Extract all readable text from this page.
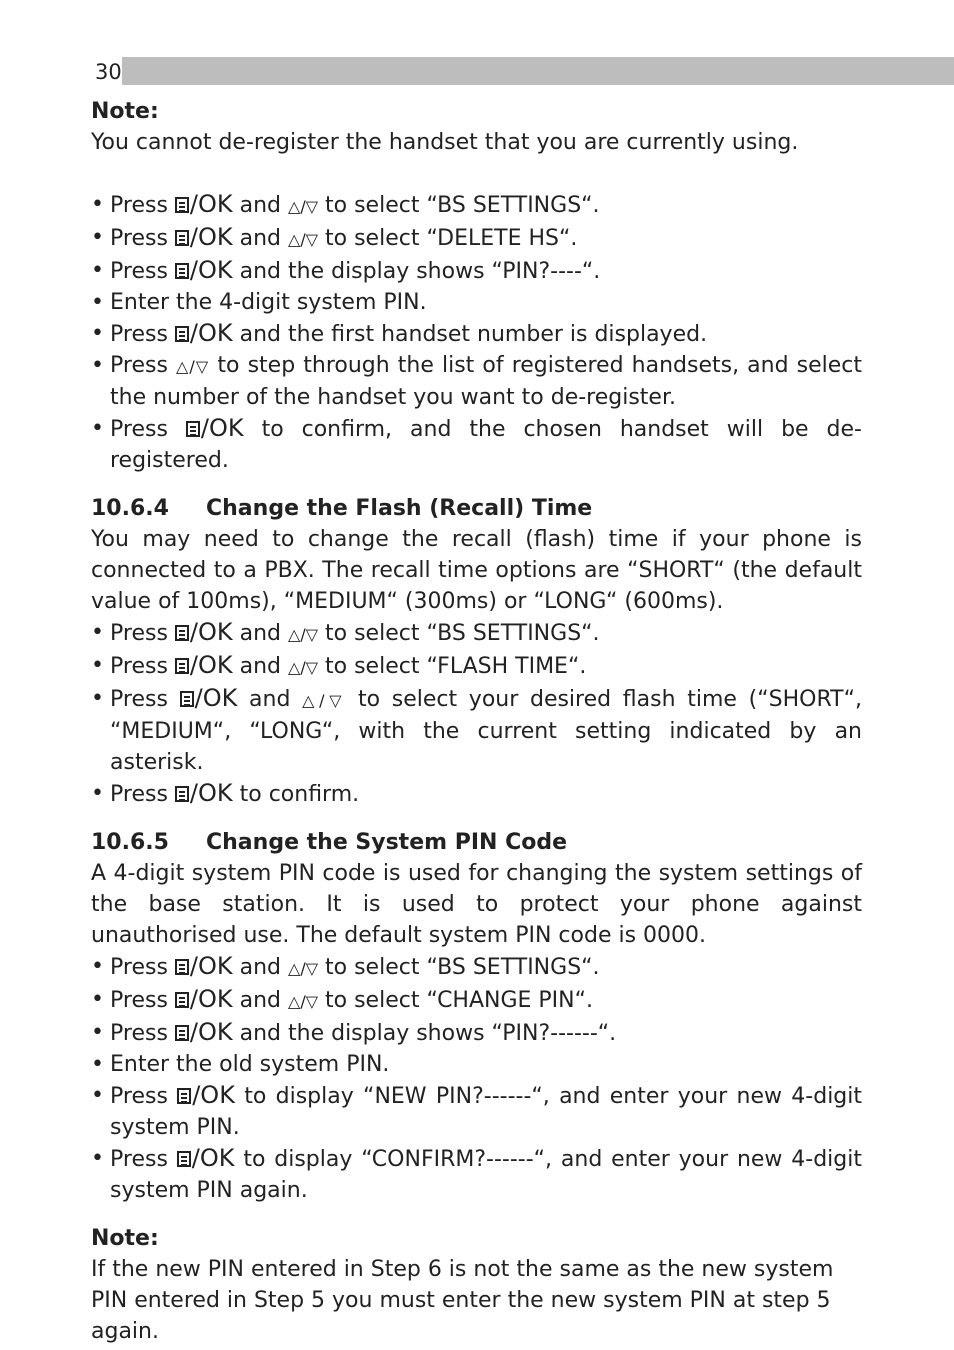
30

Note:

You cannot de-register the handset that you are currently using.

• Press /OK and △/▽ to select “BS SETTINGS“.
• Press /OK and △/▽ to select “DELETE HS“.
• Press /OK and the display shows “PIN?----“.
• Enter the 4-digit system PIN.
• Press /OK and the first handset number is displayed.
• Press △/▽ to step through the list of registered handsets, and select the number of the handset you want to de-register.
• Press /OK to confirm, and the chosen handset will be de-registered.

10.6.4 Change the Flash (Recall) Time

You may need to change the recall (flash) time if your phone is connected to a PBX. The recall time options are “SHORT“ (the default value of 100ms), “MEDIUM“ (300ms) or “LONG“ (600ms).

• Press /OK and △/▽ to select “BS SETTINGS“.
• Press /OK and △/▽ to select “FLASH TIME“.
• Press /OK and △/▽ to select your desired flash time (“SHORT“, “MEDIUM“, “LONG“, with the current setting indicated by an asterisk.
• Press /OK to confirm.

10.6.5 Change the System PIN Code

A 4-digit system PIN code is used for changing the system settings of the base station. It is used to protect your phone against unauthorised use. The default system PIN code is 0000.

• Press /OK and △/▽ to select “BS SETTINGS“.
• Press /OK and △/▽ to select “CHANGE PIN“.
• Press /OK and the display shows “PIN?------“.
• Enter the old system PIN.
• Press /OK to display “NEW PIN?------“, and enter your new 4-digit system PIN.
• Press /OK to display “CONFIRM?------“, and enter your new 4-digit system PIN again.

Note:

If the new PIN entered in Step 6 is not the same as the new system PIN entered in Step 5 you must enter the new system PIN at step 5 again.
